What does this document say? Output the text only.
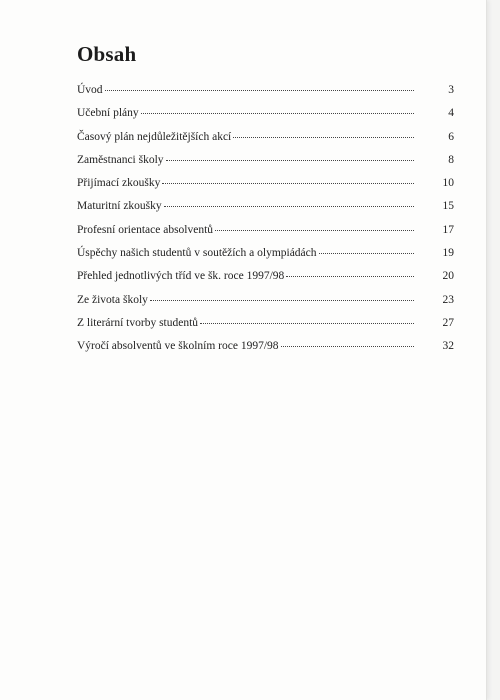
Obsah
Úvod	3
Učební plány	4
Časový plán nejdůležitějších akcí	6
Zaměstnanci školy	8
Přijímací zkoušky	10
Maturitní zkoušky	15
Profesní orientace absolventů	17
Úspěchy našich studentů v soutěžích a olympiádách	19
Přehled jednotlivých tříd ve šk. roce 1997/98	20
Ze života školy	23
Z literární tvorby studentů	27
Výročí absolventů ve školním roce 1997/98	32
